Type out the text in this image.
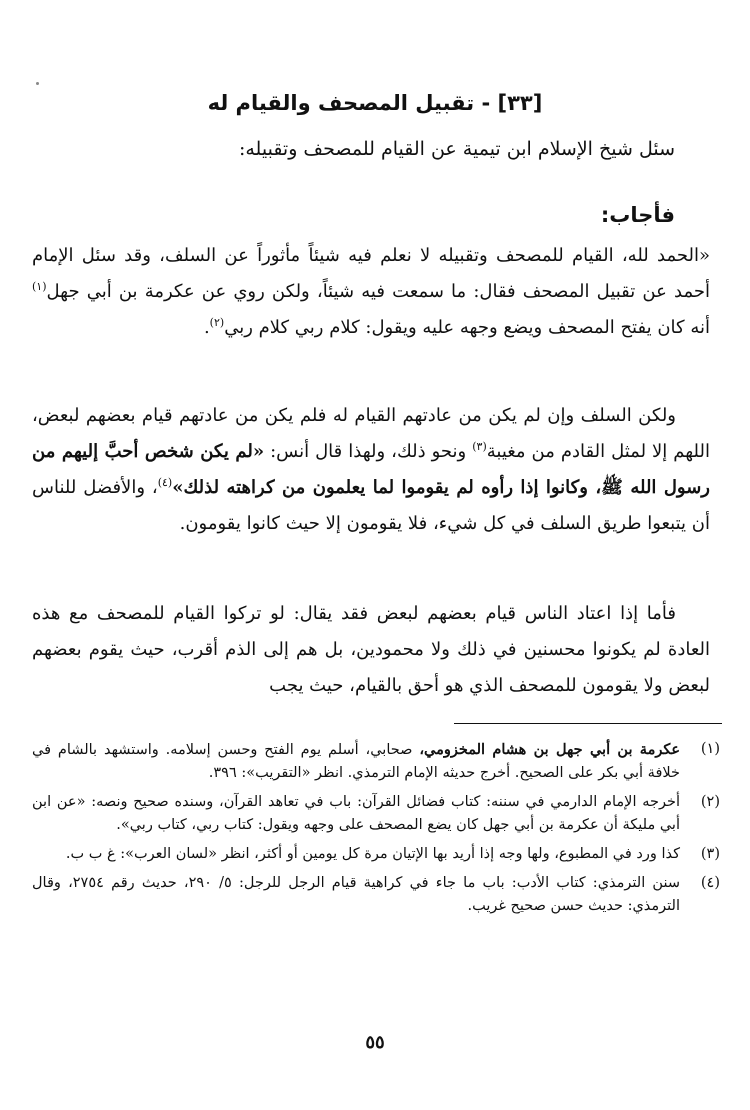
[٣٣] - تقبيل المصحف والقيام له
سئل شيخ الإسلام ابن تيمية عن القيام للمصحف وتقبيله:
فأجاب:
«الحمد لله، القيام للمصحف وتقبيله لا نعلم فيه شيئاً مأثوراً عن السلف، وقد سئل الإمام أحمد عن تقبيل المصحف فقال: ما سمعت فيه شيئاً، ولكن روي عن عكرمة بن أبي جهل$^{(١)}$ أنه كان يفتح المصحف ويضع وجهه عليه ويقول: كلام ربي كلام ربي$^{(٢)}$.
ولكن السلف وإن لم يكن من عادتهم القيام له فلم يكن من عادتهم قيام بعضهم لبعض، اللهم إلا لمثل القادم من مغيبة$^{(٣)}$ ونحو ذلك، ولهذا قال أنس: «لم يكن شخص أحبَّ إليهم من رسول الله ﷺ، وكانوا إذا رأوه لم يقوموا لما يعلمون من كراهته لذلك»$^{(٤)}$، والأفضل للناس أن يتبعوا طريق السلف في كل شيء، فلا يقومون إلا حيث كانوا يقومون.
فأما إذا اعتاد الناس قيام بعضهم لبعض فقد يقال: لو تركوا القيام للمصحف مع هذه العادة لم يكونوا محسنين في ذلك ولا محمودين، بل هم إلى الذم أقرب، حيث يقوم بعضهم لبعض ولا يقومون للمصحف الذي هو أحق بالقيام، حيث يجب
(١)
عكرمة بن أبي جهل بن هشام المخزومي، صحابي، أسلم يوم الفتح وحسن إسلامه. واستشهد بالشام في خلافة أبي بكر على الصحيح. أخرج حديثه الإمام الترمذي. انظر «التقريب»: ٣٩٦.
(٢)
أخرجه الإمام الدارمي في سننه: كتاب فضائل القرآن: باب في تعاهد القرآن، وسنده صحيح ونصه: «عن ابن أبي مليكة أن عكرمة بن أبي جهل كان يضع المصحف على وجهه ويقول: كتاب ربي، كتاب ربي».
(٣)
كذا ورد في المطبوع، ولها وجه إذا أريد بها الإتيان مرة كل يومين أو أكثر، انظر «لسان العرب»: غ ب ب.
(٤)
سنن الترمذي: كتاب الأدب: باب ما جاء في كراهية قيام الرجل للرجل: ٥/ ٢٩٠، حديث رقم ٢٧٥٤، وقال الترمذي: حديث حسن صحيح غريب.
٥٥
